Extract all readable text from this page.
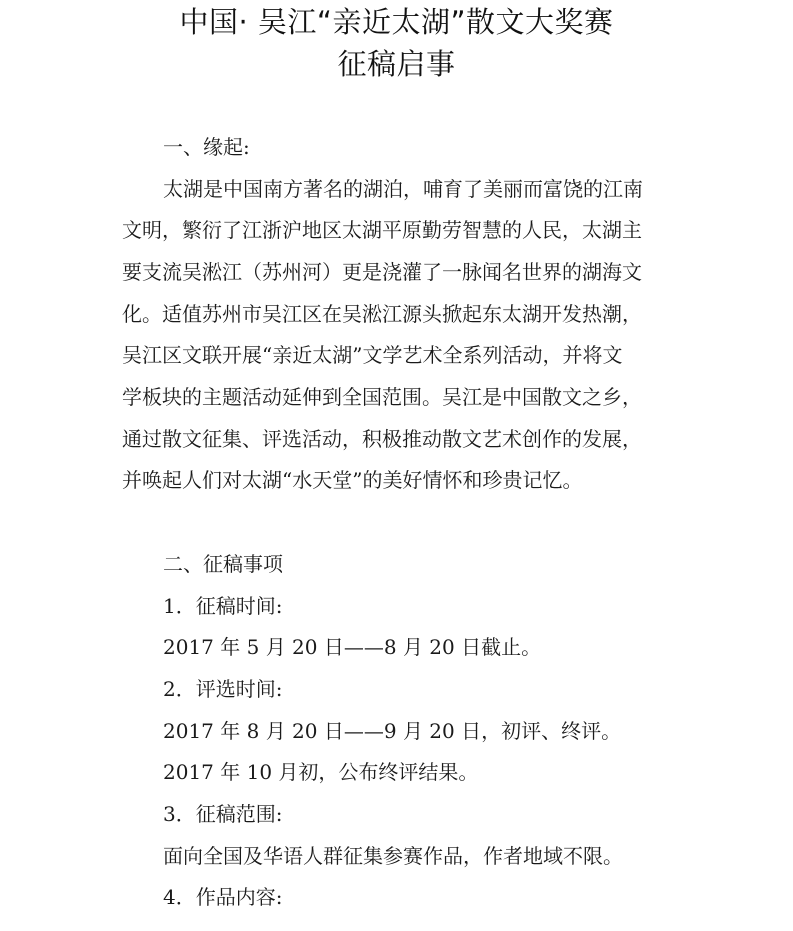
中国· 吴江“亲近太湖”散文大奖赛
征稿启事
一、缘起:
太湖是中国南方著名的湖泊，哺育了美丽而富饶的江南
文明，繁衍了江浙沪地区太湖平原勤劳智慧的人民，太湖主
要支流吴淞江（苏州河）更是浇灌了一脉闻名世界的湖海文
化。适值苏州市吴江区在吴淞江源头掀起东太湖开发热潮，
吴江区文联开展“亲近太湖”文学艺术全系列活动，并将文
学板块的主题活动延伸到全国范围。吴江是中国散文之乡，
通过散文征集、评选活动，积极推动散文艺术创作的发展，
并唤起人们对太湖“水天堂”的美好情怀和珍贵记忆。
二、征稿事项
1．征稿时间:
2017 年 5 月 20 日——8 月 20 日截止。
2．评选时间:
2017 年 8 月 20 日——9 月 20 日，初评、终评。
2017 年 10 月初，公布终评结果。
3．征稿范围:
面向全国及华语人群征集参赛作品，作者地域不限。
4．作品内容:
